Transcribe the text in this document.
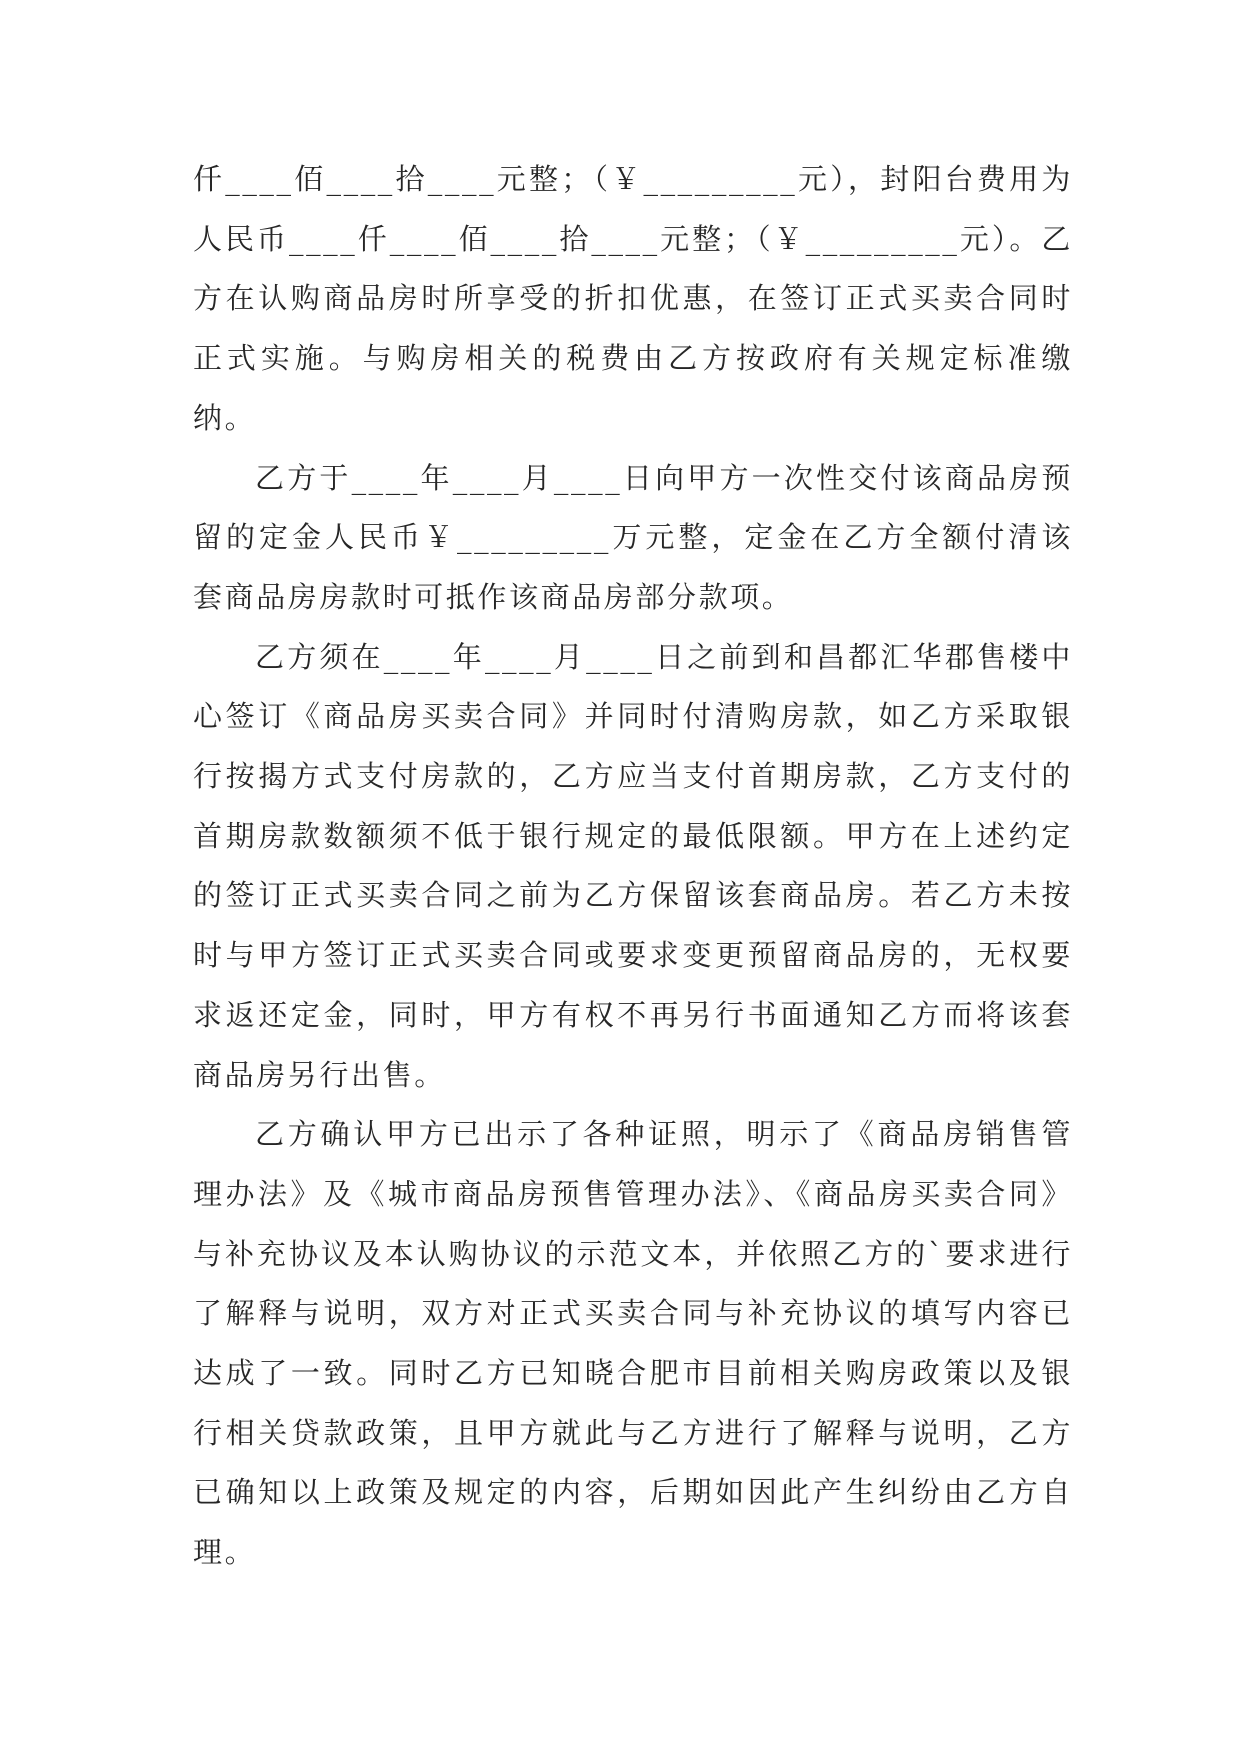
仟____佰____拾____元整；（￥_________元），封阳台费用为人民币____仟____佰____拾____元整；（￥_________元）。乙方在认购商品房时所享受的折扣优惠，在签订正式买卖合同时正式实施。与购房相关的税费由乙方按政府有关规定标准缴纳。

乙方于____年____月____日向甲方一次性交付该商品房预留的定金人民币￥_________万元整，定金在乙方全额付清该套商品房房款时可抵作该商品房部分款项。

乙方须在____年____月____日之前到和昌都汇华郡售楼中心签订《商品房买卖合同》并同时付清购房款，如乙方采取银行按揭方式支付房款的，乙方应当支付首期房款，乙方支付的首期房款数额须不低于银行规定的最低限额。甲方在上述约定的签订正式买卖合同之前为乙方保留该套商品房。若乙方未按时与甲方签订正式买卖合同或要求变更预留商品房的，无权要求返还定金，同时，甲方有权不再另行书面通知乙方而将该套商品房另行出售。

乙方确认甲方已出示了各种证照，明示了《商品房销售管理办法》及《城市商品房预售管理办法》、《商品房买卖合同》与补充协议及本认购协议的示范文本，并依照乙方的`要求进行了解释与说明，双方对正式买卖合同与补充协议的填写内容已达成了一致。同时乙方已知晓合肥市目前相关购房政策以及银行相关贷款政策，且甲方就此与乙方进行了解释与说明，乙方已确知以上政策及规定的内容，后期如因此产生纠纷由乙方自理。
